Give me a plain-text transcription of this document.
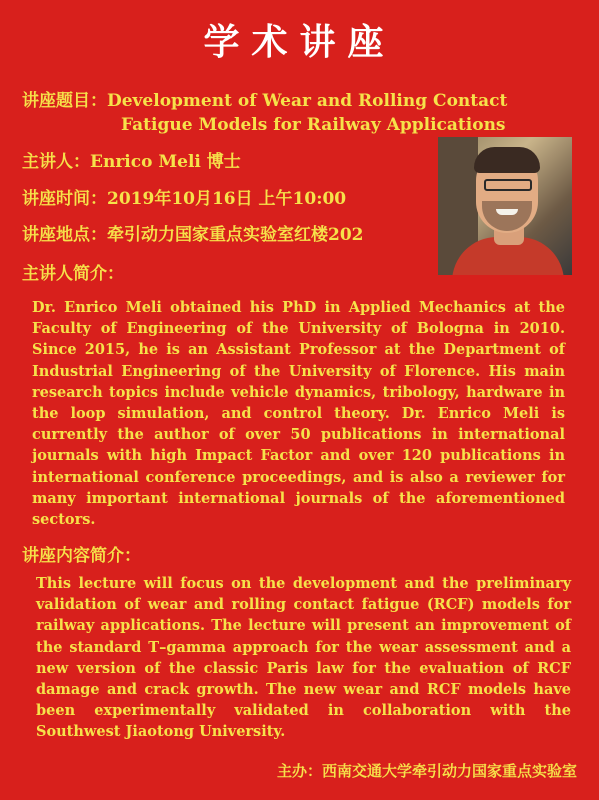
学术讲座
讲座题目：Development of Wear and Rolling Contact
Fatigue Models for Railway Applications
主讲人：Enrico Meli 博士
讲座时间：2019年10月16日 上午10:00
讲座地点：牵引动力国家重点实验室红楼202
主讲人简介：
Dr. Enrico Meli obtained his PhD in Applied Mechanics at the Faculty of Engineering of the University of Bologna in 2010. Since 2015, he is an Assistant Professor at the Department of Industrial Engineering of the University of Florence. His main research topics include vehicle dynamics, tribology, hardware in the loop simulation, and control theory. Dr. Enrico Meli is currently the author of over 50 publications in international journals with high Impact Factor and over 120 publications in international conference proceedings, and is also a reviewer for many important international journals of the aforementioned sectors.
讲座内容简介：
This lecture will focus on the development and the preliminary validation of wear and rolling contact fatigue (RCF) models for railway applications. The lecture will present an improvement of the standard T–gamma approach for the wear assessment and a new version of the classic Paris law for the evaluation of RCF damage and crack growth. The new wear and RCF models have been experimentally validated in collaboration with the Southwest Jiaotong University.
主办：西南交通大学牵引动力国家重点实验室
